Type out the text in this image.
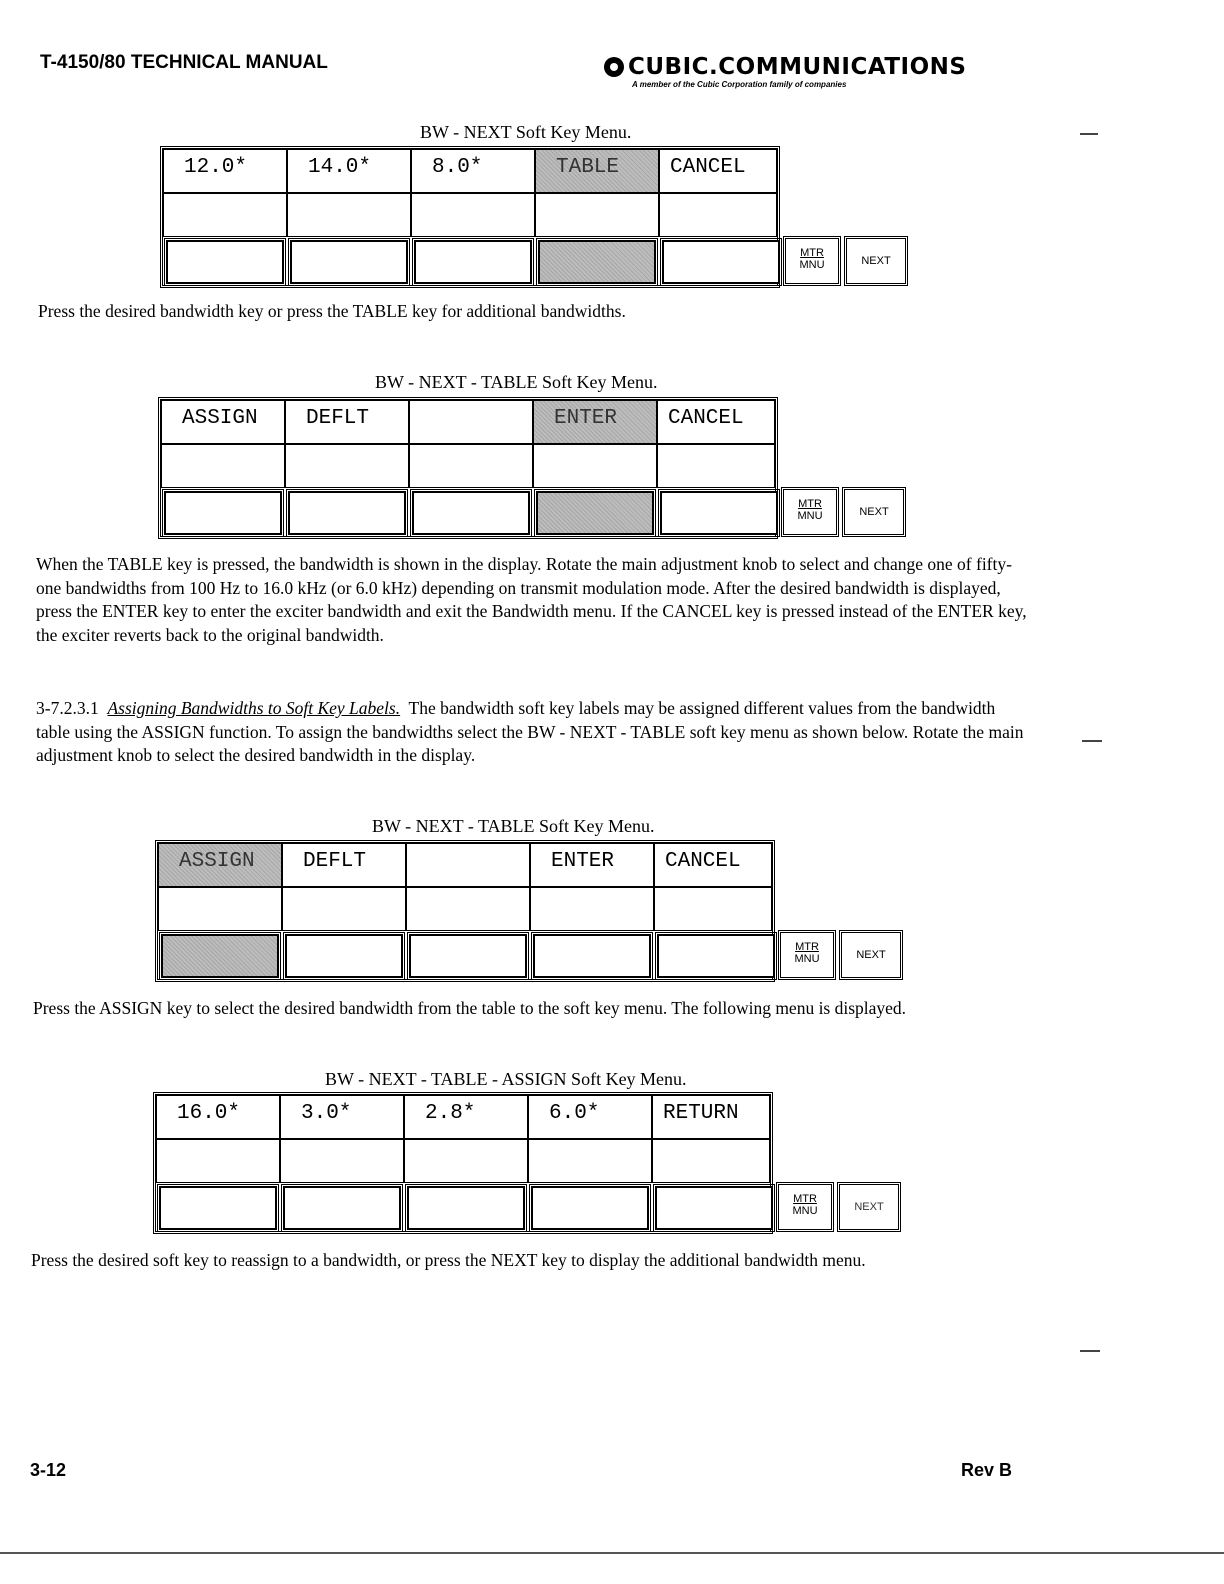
T-4150/80 TECHNICAL MANUAL	CUBIC.COMMUNICATIONS
A member of the Cubic Corporation family of companies
BW - NEXT Soft Key Menu.
12.0*	14.0*	8.0*	TABLE	CANCEL
MTR
MNU	NEXT

Press the desired bandwidth key or press the TABLE key for additional bandwidths.

BW - NEXT - TABLE Soft Key Menu.
ASSIGN	DEFLT	ENTER	CANCEL
MTR
MNU	NEXT

When the TABLE key is pressed, the bandwidth is shown in the display. Rotate the main adjustment knob to select and change one of fifty-one bandwidths from 100 Hz to 16.0 kHz (or 6.0 kHz) depending on transmit modulation mode. After the desired bandwidth is displayed, press the ENTER key to enter the exciter bandwidth and exit the Bandwidth menu. If the CANCEL key is pressed instead of the ENTER key, the exciter reverts back to the original bandwidth.

3-7.2.3.1 Assigning Bandwidths to Soft Key Labels. The bandwidth soft key labels may be assigned different values from the bandwidth table using the ASSIGN function. To assign the bandwidths select the BW - NEXT - TABLE soft key menu as shown below. Rotate the main adjustment knob to select the desired bandwidth in the display.

BW - NEXT - TABLE Soft Key Menu.
ASSIGN	DEFLT	ENTER	CANCEL
MTR
MNU	NEXT

Press the ASSIGN key to select the desired bandwidth from the table to the soft key menu. The following menu is displayed.

BW - NEXT - TABLE - ASSIGN Soft Key Menu.
16.0*	3.0*	2.8*	6.0*	RETURN
MTR
MNU	NEXT

Press the desired soft key to reassign to a bandwidth, or press the NEXT key to display the additional bandwidth menu.

3-12	Rev B
